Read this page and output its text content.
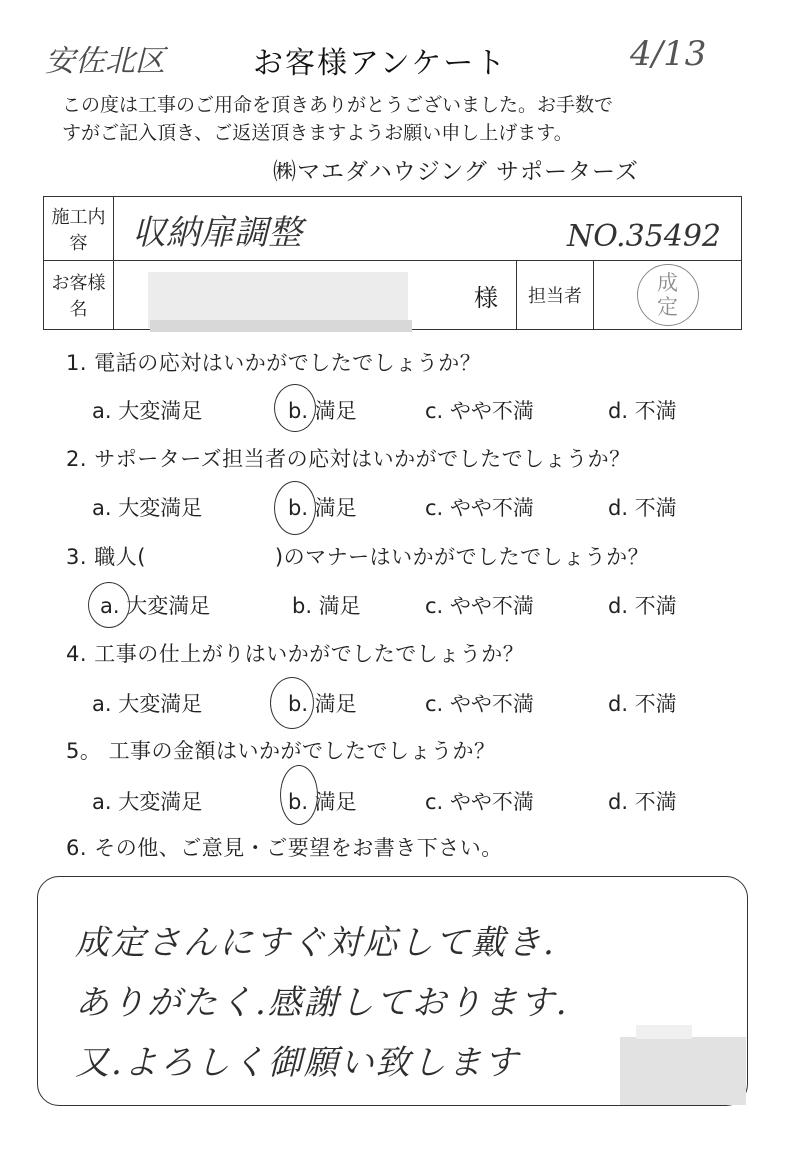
安佐北区	お客様アンケート	4/13
この度は工事のご用命を頂きありがとうございました。お手数で
すがご記入頂き、ご返送頂きますようお願い申し上げます。
㈱マエダハウジング サポーターズ
施工内容	収納扉調整 NO.35492		

お客様名	様	担当者	成
定
1. 電話の応対はいかがでしたでしょうか？
2. サポーターズ担当者の応対はいかがでしたでしょうか？
3. 職人(　　　　　　)のマナーはいかがでしたでしょうか？
4. 工事の仕上がりはいかがでしたでしょうか？
5。 工事の金額はいかがでしたでしょうか？
6. その他、ご意見・ご要望をお書き下さい。
a. 大変満足	b. 満足	c. やや不満	d. 不満
a. 大変満足	b. 満足	c. やや不満	d. 不満
a. 大変満足	b. 満足	c. やや不満	d. 不満
a. 大変満足	b. 満足	c. やや不満	d. 不満
a. 大変満足	b. 満足	c. やや不満	d. 不満
成定さんにすぐ対応して戴き.
ありがたく.感謝しております.
又.よろしく御願い致します
